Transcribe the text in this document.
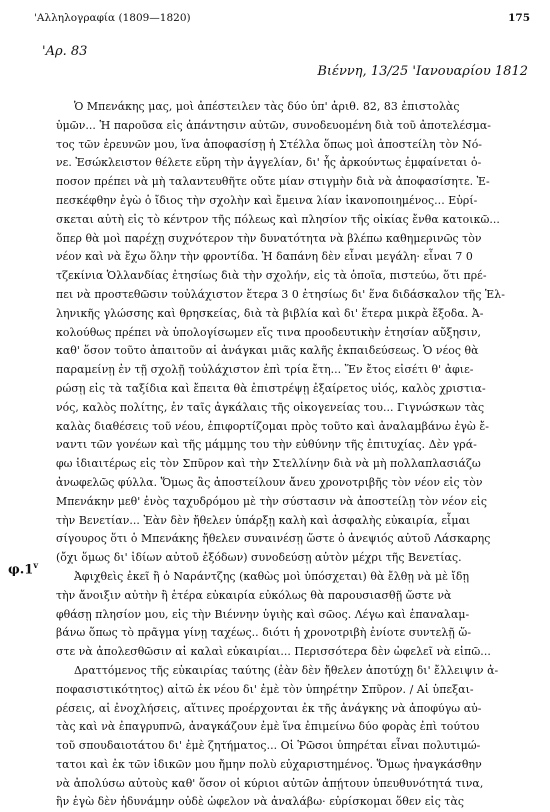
'Αλληλογραφία (1809—1820)	175
'Αρ. 83
Βιέννη, 13/25 'Ιανουαρίου 1812
φ.1$^v$
Ὁ Μπενάκης μας, μοὶ ἀπέστειλεν τὰς δύο ὑπ' ἀριθ. 82, 83 ἐπιστολὰς
ὑμῶν... Ἡ παροῦσα εἰς ἀπάντησιν αὐτῶν, συνοδευομένη διὰ τοῦ ἀποτελέσμα-
τος τῶν ἐρευνῶν μου, ἵνα ἀποφασίσῃ ἡ Στέλλα ὅπως μοὶ ἀποστείλη τὸν Νό-
νε. Ἐσώκλειστον θέλετε εὕρη τὴν ἀγγελίαν, δι' ἧς ἀρκούντως ἐμφαίνεται ὁ-
ποσον πρέπει νὰ μὴ ταλαντευθῆτε οὔτε μίαν στιγμὴν διὰ νὰ ἀποφασίσητε. Ἐ-
πεσκέφθην ἐγὼ ὁ ἴδιος τὴν σχολὴν καὶ ἔμεινα λίαν ἱκανοποιημένος... Εὑρί-
σκεται αὐτὴ εἰς τὸ κέντρον τῆς πόλεως καὶ πλησίον τῆς οἰκίας ἔνθα κατοικῶ...
ὅπερ θὰ μοὶ παρέχῃ συχνότερον τὴν δυνατότητα νὰ βλέπω καθημερινῶς τὸν
νέον καὶ νὰ ἔχω ὅλην τὴν φροντίδα. Ἡ δαπάνη δὲν εἶναι μεγάλη· εἶναι 7 0
τζεκίνια Ὁλλανδίας ἐτησίως διὰ τὴν σχολήν, εἰς τὰ ὁποῖα, πιστεύω, ὅτι πρέ-
πει νὰ προστεθῶσιν τοὐλάχιστον ἕτερα 3 0 ἐτησίως δι' ἕνα διδάσκαλον τῆς Ἑλ-
ληνικῆς γλώσσης καὶ θρησκείας, διὰ τὰ βιβλία καὶ δι' ἕτερα μικρὰ ἔξοδα. Ἀ-
κολούθως πρέπει νὰ ὑπολογίσωμεν εἴς τινα προοδευτικὴν ἐτησίαν αὔξησιν,
καθ' ὅσον τοῦτο ἀπαιτοῦν αἱ ἀνάγκαι μιᾶς καλῆς ἐκπαιδεύσεως. Ὁ νέος θὰ
παραμείνῃ ἐν τῇ σχολῇ τοὐλάχιστον ἐπὶ τρία ἔτη... Ἕν ἔτος εἰσέτι θ' ἀφιε-
ρώσῃ εἰς τὰ ταξίδια καὶ ἔπειτα θὰ ἐπιστρέψῃ ἐξαίρετος υἱός, καλὸς χριστια-
νός, καλὸς πολίτης, ἐν ταῖς ἀγκάλαις τῆς οἰκογενείας του... Γιγνώσκων τὰς
καλὰς διαθέσεις τοῦ νέου, ἐπιφορτίζομαι πρὸς τοῦτο καὶ ἀναλαμβάνω ἐγὼ ἔ-
ναντι τῶν γονέων καὶ τῆς μάμμης του τὴν εὐθύνην τῆς ἐπιτυχίας. Δὲν γρά-
φω ἰδιαιτέρως εἰς τὸν Σπῦρον καὶ τὴν Στελλίνην διὰ νὰ μὴ πολλαπλασιάζω
ἀνωφελῶς φύλλα. Ὅμως ἂς ἀποστείλουν ἄνευ χρονοτριβῆς τὸν νέον εἰς τὸν
Μπενάκην μεθ' ἐνὸς ταχυδρόμου μὲ τὴν σύστασιν νὰ ἀποστείλῃ τὸν νέον εἰς
τὴν Βενετίαν... Ἐὰν δὲν ἤθελεν ὑπάρξῃ καλὴ καὶ ἀσφαλὴς εὐκαιρία, εἶμαι
σίγουρος ὅτι ὁ Μπενάκης ἤθελεν συναινέσῃ ὥστε ὁ ἀνεψιός αὐτοῦ Λάσκαρης
(ὄχι ὅμως δι' ἰδίων αὐτοῦ ἐξόδων) συνοδεύσῃ αὐτὸν μέχρι τῆς Βενετίας.
Ἀφιχθεὶς ἐκεῖ ἢ ὁ Ναράντζης (καθὼς μοὶ ὑπόσχεται) θὰ ἔλθῃ νὰ μὲ ἴδῃ
τὴν ἄνοιξιν αὐτὴν ἢ ἑτέρα εὐκαιρία εὐκόλως θὰ παρουσιασθῇ ὥστε νὰ
φθάσῃ πλησίον μου, εἰς τὴν Βιέννην ὑγιὴς καὶ σῶος. Λέγω καὶ ἐπαναλαμ-
βάνω ὅπως τὸ πρᾶγμα γίνῃ ταχέως.. διότι ἡ χρονοτριβὴ ἐνίοτε συντελῇ ὥ-
στε νὰ ἀπολεσθῶσιν αἱ καλαὶ εὐκαιρίαι... Περισσότερα δὲν ὠφελεῖ νὰ εἰπῶ...
Δραττόμενος τῆς εὐκαιρίας ταύτης (ἐὰν δὲν ἤθελεν ἀποτύχῃ δι' ἔλλειψιν ἀ-
ποφασιστικότητος) αἰτῶ ἐκ νέου δι' ἐμὲ τὸν ὑπηρέτην Σπῦρον. / Αἱ ὑπεξαι-
ρέσεις, αἱ ἐνοχλήσεις, αἵτινες προέρχονται ἐκ τῆς ἀνάγκης νὰ ἀποφύγω αὐ-
τὰς καὶ νὰ ἐπαγρυπνῶ, ἀναγκάζουν ἐμὲ ἵνα ἐπιμείνω δύο φορὰς ἐπὶ τούτου
τοῦ σπουδαιοτάτου δι' ἐμὲ ζητήματος... Οἱ Ῥῶσοι ὑπηρέται εἶναι πολυτιμώ-
τατοι καὶ ἐκ τῶν ἰδικῶν μου ἤμην πολὺ εὐχαριστημένος. Ὅμως ἠναγκάσθην
νὰ ἀπολύσω αὐτοὺς καθ' ὅσον οἱ κύριοι αὐτῶν ἀπῄτουν ὑπευθυνότητά τινα,
ἣν ἐγὼ δὲν ἠδυνάμην οὐδὲ ὠφελον νὰ ἀναλάβω· εὑρίσκομαι ὅθεν εἰς τὰς
